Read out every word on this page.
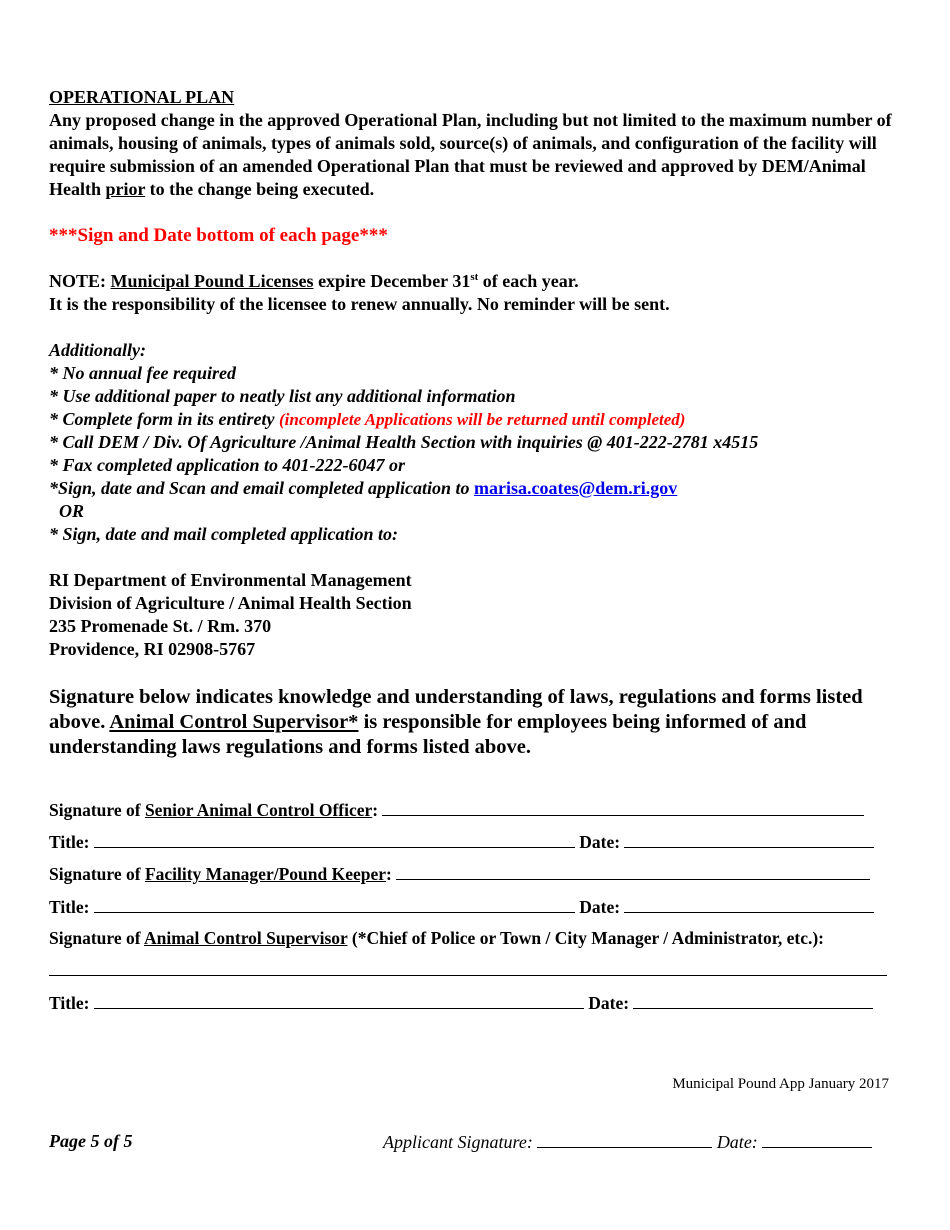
OPERATIONAL PLAN
Any proposed change in the approved Operational Plan, including but not limited to the maximum number of animals, housing of animals, types of animals sold, source(s) of animals, and configuration of the facility will require submission of an amended Operational Plan that must be reviewed and approved by DEM/Animal Health prior to the change being executed.
***Sign and Date bottom of each page***
NOTE: Municipal Pound Licenses expire December 31st of each year.
It is the responsibility of the licensee to renew annually. No reminder will be sent.
Additionally:
* No annual fee required
* Use additional paper to neatly list any additional information
* Complete form in its entirety (incomplete Applications will be returned until completed)
* Call DEM / Div. Of Agriculture /Animal Health Section with inquiries @ 401-222-2781 x4515
* Fax completed application to 401-222-6047 or
*Sign, date and Scan and email completed application to marisa.coates@dem.ri.gov
OR
* Sign, date and mail completed application to:
RI Department of Environmental Management
Division of Agriculture / Animal Health Section
235 Promenade St. / Rm. 370
Providence, RI 02908-5767
Signature below indicates knowledge and understanding of laws, regulations and forms listed above. Animal Control Supervisor* is responsible for employees being informed of and understanding laws regulations and forms listed above.
Signature of Senior Animal Control Officer:
Title:	Date:
Signature of Facility Manager/Pound Keeper:
Title:	Date:
Signature of Animal Control Supervisor (*Chief of Police or Town / City Manager / Administrator, etc.):
Title:	Date:
Municipal Pound App January 2017
Page 5 of 5	Applicant Signature:	Date:
